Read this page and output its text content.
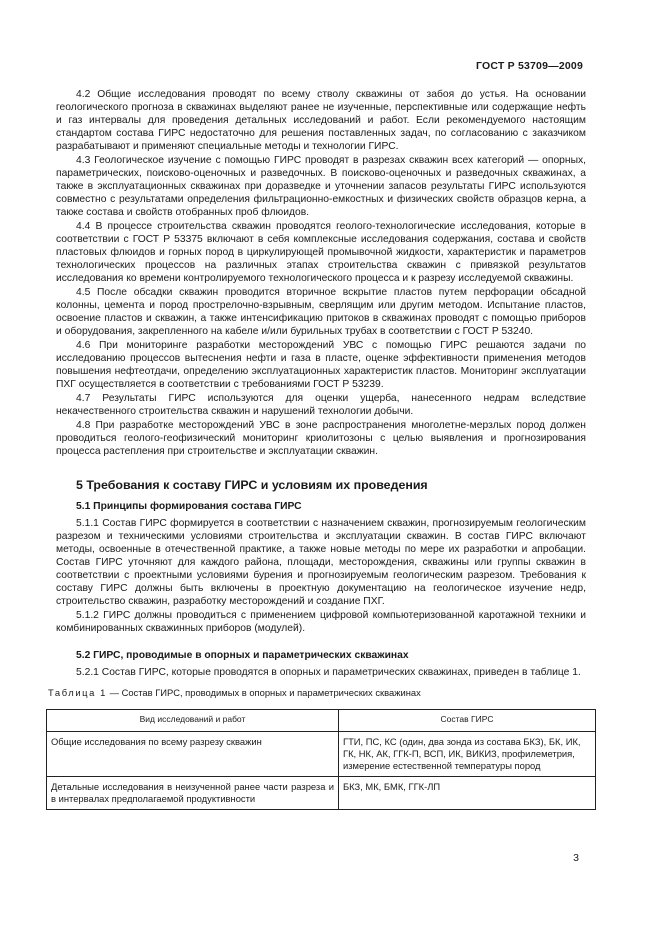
ГОСТ Р 53709—2009

4.2 Общие исследования проводят по всему стволу скважины от забоя до устья. На основании геологического прогноза в скважинах выделяют ранее не изученные, перспективные или содержащие нефть и газ интервалы для проведения детальных исследований и работ. Если рекомендуемого настоящим стандартом состава ГИРС недостаточно для решения поставленных задач, по согласованию с заказчиком разрабатывают и применяют специальные методы и технологии ГИРС.

4.3 Геологическое изучение с помощью ГИРС проводят в разрезах скважин всех категорий — опорных, параметрических, поисково-оценочных и разведочных. В поисково-оценочных и разведочных скважинах, а также в эксплуатационных скважинах при доразведке и уточнении запасов результаты ГИРС используются совместно с результатами определения фильтрационно-емкостных и физических свойств образцов керна, а также состава и свойств отобранных проб флюидов.

4.4 В процессе строительства скважин проводятся геолого-технологические исследования, которые в соответствии с ГОСТ Р 53375 включают в себя комплексные исследования содержания, состава и свойств пластовых флюидов и горных пород в циркулирующей промывочной жидкости, характеристик и параметров технологических процессов на различных этапах строительства скважин с привязкой результатов исследования ко времени контролируемого технологического процесса и к разрезу исследуемой скважины.

4.5 После обсадки скважин проводится вторичное вскрытие пластов путем перфорации обсадной колонны, цемента и пород прострелочно-взрывным, сверлящим или другим методом. Испытание пластов, освоение пластов и скважин, а также интенсификацию притоков в скважинах проводят с помощью приборов и оборудования, закрепленного на кабеле и/или бурильных трубах в соответствии с ГОСТ Р 53240.

4.6 При мониторинге разработки месторождений УВС с помощью ГИРС решаются задачи по исследованию процессов вытеснения нефти и газа в пласте, оценке эффективности применения методов повышения нефтеотдачи, определению эксплуатационных характеристик пластов. Мониторинг эксплуатации ПХГ осуществляется в соответствии с требованиями ГОСТ Р 53239.

4.7 Результаты ГИРС используются для оценки ущерба, нанесенного недрам вследствие некачественного строительства скважин и нарушений технологии добычи.

4.8 При разработке месторождений УВС в зоне распространения многолетне-мерзлых пород должен проводиться геолого-геофизический мониторинг криолитозоны с целью выявления и прогнозирования процесса растепления при строительстве и эксплуатации скважин.

5 Требования к составу ГИРС и условиям их проведения
5.1 Принципы формирования состава ГИРС

5.1.1 Состав ГИРС формируется в соответствии с назначением скважин, прогнозируемым геологическим разрезом и техническими условиями строительства и эксплуатации скважин. В состав ГИРС включают методы, освоенные в отечественной практике, а также новые методы по мере их разработки и апробации. Состав ГИРС уточняют для каждого района, площади, месторождения, скважины или группы скважин в соответствии с проектными условиями бурения и прогнозируемым геологическим разрезом. Требования к составу ГИРС должны быть включены в проектную документацию на геологическое изучение недр, строительство скважин, разработку месторождений и создание ПХГ.

5.1.2 ГИРС должны проводиться с применением цифровой компьютеризованной каротажной техники и комбинированных скважинных приборов (модулей).

5.2 ГИРС, проводимые в опорных и параметрических скважинах

5.2.1 Состав ГИРС, которые проводятся в опорных и параметрических скважинах, приведен в таблице 1.

Таблица 1 — Состав ГИРС, проводимых в опорных и параметрических скважинах
Вид исследований и работ	Состав ГИРС
Общие исследования по всему разрезу скважин	ГТИ, ПС, КС (один, два зонда из состава БКЗ), БК, ИК, ГК, НК, АК, ГГК-П, ВСП, ИК, ВИКИЗ, профилеметрия, измерение естественной температуры пород
Детальные исследования в неизученной ранее части разреза и в интервалах предполагаемой продуктивности	БКЗ, МК, БМК, ГГК-ЛП
3
